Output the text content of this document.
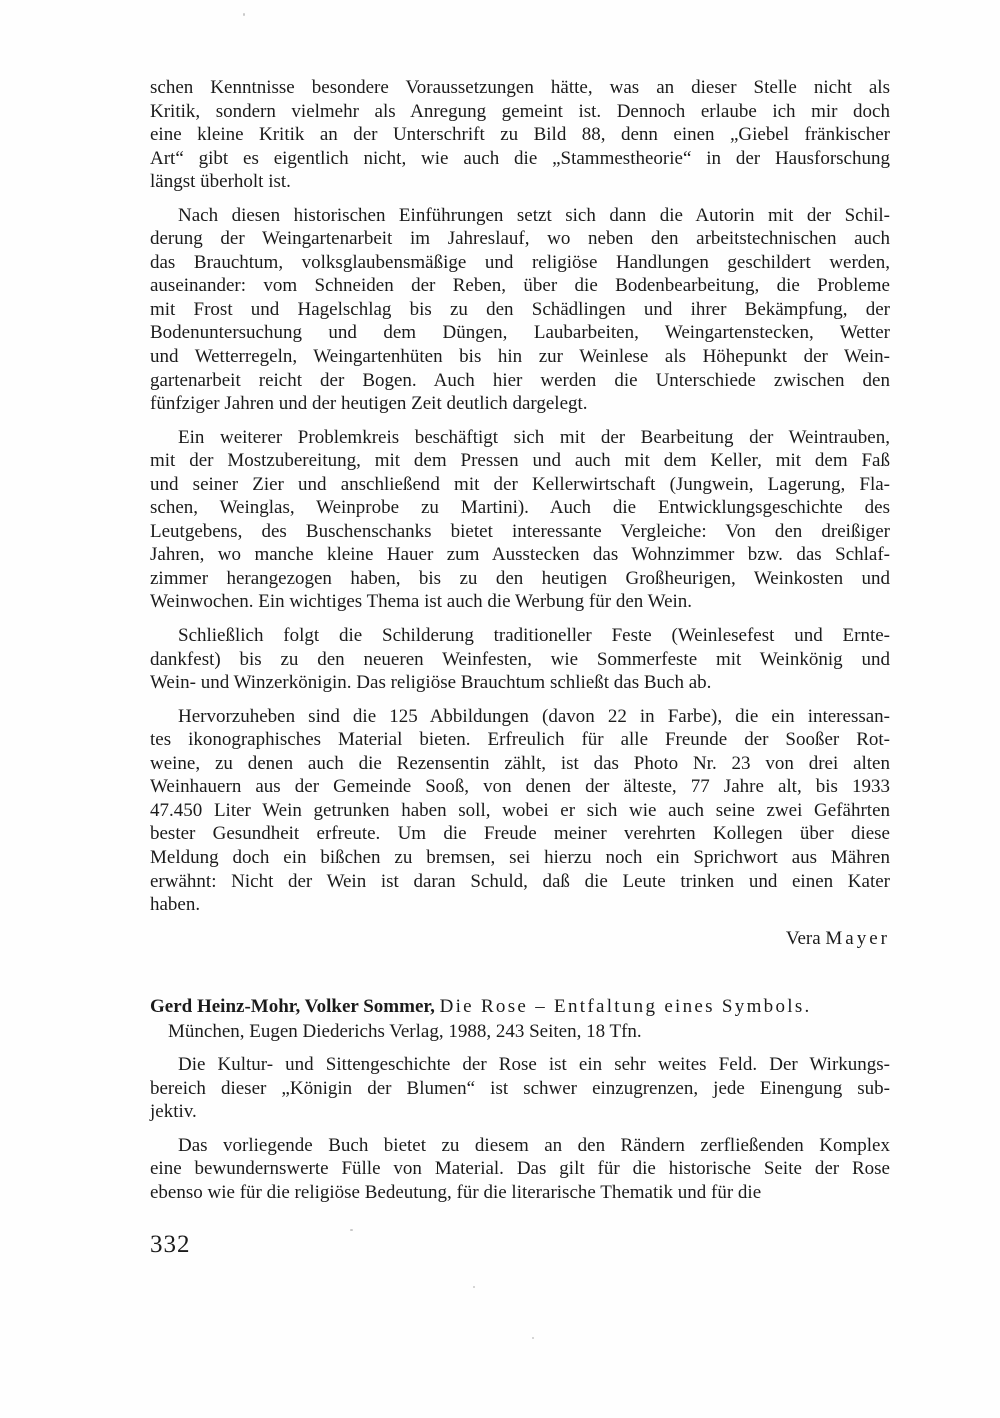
schen Kenntnisse besondere Voraussetzungen hätte, was an dieser Stelle nicht als
Kritik, sondern vielmehr als Anregung gemeint ist. Dennoch erlaube ich mir doch
eine kleine Kritik an der Unterschrift zu Bild 88, denn einen „Giebel fränkischer
Art“ gibt es eigentlich nicht, wie auch die „Stammestheorie“ in der Hausforschung
längst überholt ist.
Nach diesen historischen Einführungen setzt sich dann die Autorin mit der Schil-
derung der Weingartenarbeit im Jahreslauf, wo neben den arbeitstechnischen auch
das Brauchtum, volksglaubensmäßige und religiöse Handlungen geschildert werden,
auseinander: vom Schneiden der Reben, über die Bodenbearbeitung, die Probleme
mit Frost und Hagelschlag bis zu den Schädlingen und ihrer Bekämpfung, der
Bodenuntersuchung und dem Düngen, Laubarbeiten, Weingartenstecken, Wetter
und Wetterregeln, Weingartenhüten bis hin zur Weinlese als Höhepunkt der Wein-
gartenarbeit reicht der Bogen. Auch hier werden die Unterschiede zwischen den
fünfziger Jahren und der heutigen Zeit deutlich dargelegt.
Ein weiterer Problemkreis beschäftigt sich mit der Bearbeitung der Weintrauben,
mit der Mostzubereitung, mit dem Pressen und auch mit dem Keller, mit dem Faß
und seiner Zier und anschließend mit der Kellerwirtschaft (Jungwein, Lagerung, Fla-
schen, Weinglas, Weinprobe zu Martini). Auch die Entwicklungsgeschichte des
Leutgebens, des Buschenschanks bietet interessante Vergleiche: Von den dreißiger
Jahren, wo manche kleine Hauer zum Ausstecken das Wohnzimmer bzw. das Schlaf-
zimmer herangezogen haben, bis zu den heutigen Großheurigen, Weinkosten und
Weinwochen. Ein wichtiges Thema ist auch die Werbung für den Wein.
Schließlich folgt die Schilderung traditioneller Feste (Weinlesefest und Ernte-
dankfest) bis zu den neueren Weinfesten, wie Sommerfeste mit Weinkönig und
Wein- und Winzerkönigin. Das religiöse Brauchtum schließt das Buch ab.
Hervorzuheben sind die 125 Abbildungen (davon 22 in Farbe), die ein interessan-
tes ikonographisches Material bieten. Erfreulich für alle Freunde der Sooßer Rot-
weine, zu denen auch die Rezensentin zählt, ist das Photo Nr. 23 von drei alten
Weinhauern aus der Gemeinde Sooß, von denen der älteste, 77 Jahre alt, bis 1933
47.450 Liter Wein getrunken haben soll, wobei er sich wie auch seine zwei Gefährten
bester Gesundheit erfreute. Um die Freude meiner verehrten Kollegen über diese
Meldung doch ein bißchen zu bremsen, sei hierzu noch ein Sprichwort aus Mähren
erwähnt: Nicht der Wein ist daran Schuld, daß die Leute trinken und einen Kater
haben.
Vera Mayer
Gerd Heinz-Mohr, Volker Sommer, Die Rose – Entfaltung eines Symbols.
München, Eugen Diederichs Verlag, 1988, 243 Seiten, 18 Tfn.
Die Kultur- und Sittengeschichte der Rose ist ein sehr weites Feld. Der Wirkungs-
bereich dieser „Königin der Blumen“ ist schwer einzugrenzen, jede Einengung sub-
jektiv.
Das vorliegende Buch bietet zu diesem an den Rändern zerfließenden Komplex
eine bewundernswerte Fülle von Material. Das gilt für die historische Seite der Rose
ebenso wie für die religiöse Bedeutung, für die literarische Thematik und für die
332
